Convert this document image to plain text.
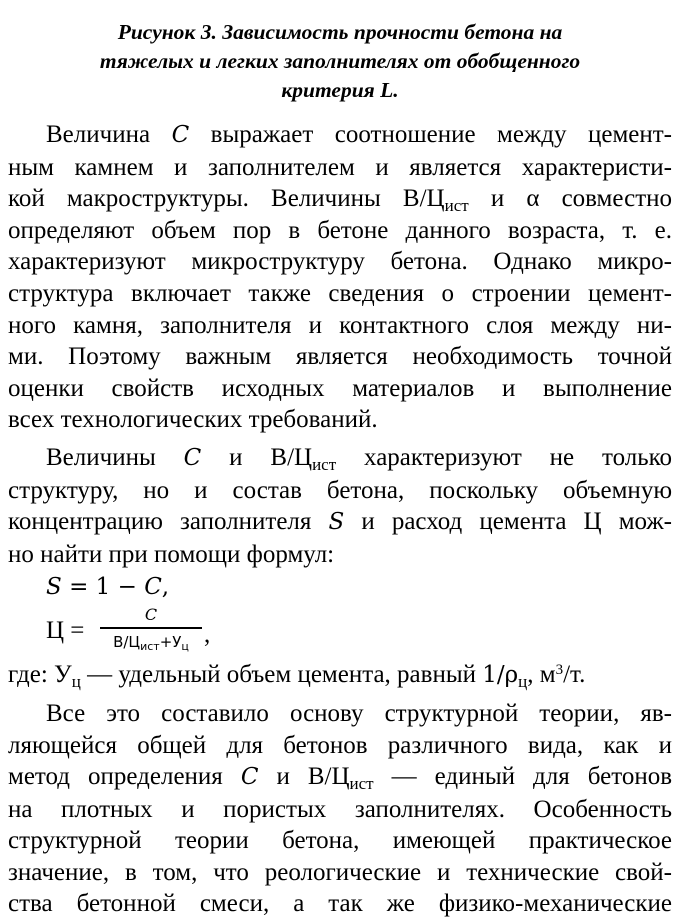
Рисунок 3. Зависимость прочности бетона на
тяжелых и легких заполнителях от обобщенного
критерия L.
Величина C выражает соотношение между цемент-
ным камнем и заполнителем и является характеристи-
кой макроструктуры. Величины $В/Ц_{ист}$ и α совместно
определяют объем пор в бетоне данного возраста, т. е.
характеризуют микроструктуру бетона. Однако микро-
структура включает также сведения о строении цемент-
ного камня, заполнителя и контактного слоя между ни-
ми. Поэтому важным является необходимость точной
оценки свойств исходных материалов и выполнение
всех технологических требований.
Величины C и $В/Ц_{ист}$ характеризуют не только
структуру, но и состав бетона, поскольку объемную
концентрацию заполнителя S и расход цемента Ц мож-
но найти при помощи формул:
S = 1 − C,
Ц =
C
$В/Ц_{ист}+У_ц$ ,
где: $У_ц$ — удельный объем цемента, равный $1/\rho_ц$, $м^3/т$.
Все это составило основу структурной теории, яв-
ляющейся общей для бетонов различного вида, как и
метод определения C и $В/Ц_{ист}$ — единый для бетонов
на плотных и пористых заполнителях. Особенность
структурной теории бетона, имеющей практическое
значение, в том, что реологические и технические свой-
ства бетонной смеси, а так же физико-механические
